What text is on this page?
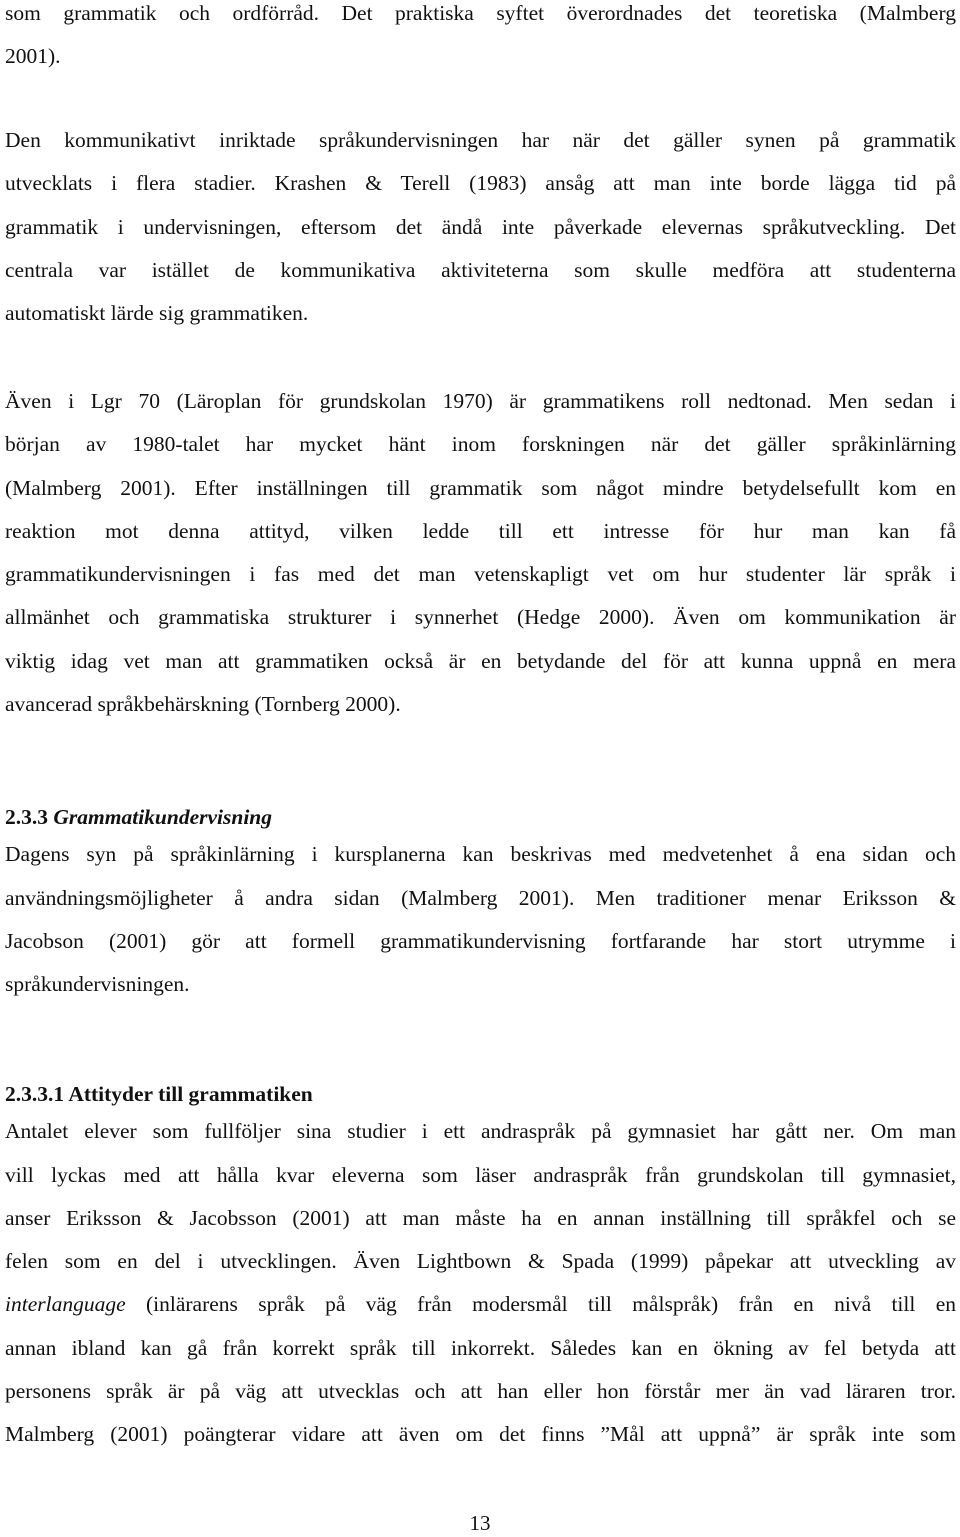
som grammatik och ordförråd. Det praktiska syftet överordnades det teoretiska (Malmberg

2001).

Den kommunikativt inriktade språkundervisningen har när det gäller synen på grammatik

utvecklats i flera stadier. Krashen & Terell (1983) ansåg att man inte borde lägga tid på

grammatik i undervisningen, eftersom det ändå inte påverkade elevernas språkutveckling. Det

centrala var istället de kommunikativa aktiviteterna som skulle medföra att studenterna

automatiskt lärde sig grammatiken.

Även i Lgr 70 (Läroplan för grundskolan 1970) är grammatikens roll nedtonad. Men sedan i

början av 1980-talet har mycket hänt inom forskningen när det gäller språkinlärning

(Malmberg 2001). Efter inställningen till grammatik som något mindre betydelsefullt kom en

reaktion mot denna attityd, vilken ledde till ett intresse för hur man kan få

grammatikundervisningen i fas med det man vetenskapligt vet om hur studenter lär språk i

allmänhet och grammatiska strukturer i synnerhet (Hedge 2000). Även om kommunikation är

viktig idag vet man att grammatiken också är en betydande del för att kunna uppnå en mera

avancerad språkbehärskning (Tornberg 2000).

2.3.3 Grammatikundervisning

Dagens syn på språkinlärning i kursplanerna kan beskrivas med medvetenhet å ena sidan och

användningsmöjligheter å andra sidan (Malmberg 2001). Men traditioner menar Eriksson &

Jacobson (2001) gör att formell grammatikundervisning fortfarande har stort utrymme i

språkundervisningen.

2.3.3.1 Attityder till grammatiken

Antalet elever som fullföljer sina studier i ett andraspråk på gymnasiet har gått ner. Om man

vill lyckas med att hålla kvar eleverna som läser andraspråk från grundskolan till gymnasiet,

anser Eriksson & Jacobsson (2001) att man måste ha en annan inställning till språkfel och se

felen som en del i utvecklingen. Även Lightbown & Spada (1999) påpekar att utveckling av

interlanguage (inlärarens språk på väg från modersmål till målspråk) från en nivå till en

annan ibland kan gå från korrekt språk till inkorrekt. Således kan en ökning av fel betyda att

personens språk är på väg att utvecklas och att han eller hon förstår mer än vad läraren tror.

Malmberg (2001) poängterar vidare att även om det finns ”Mål att uppnå” är språk inte som

13
